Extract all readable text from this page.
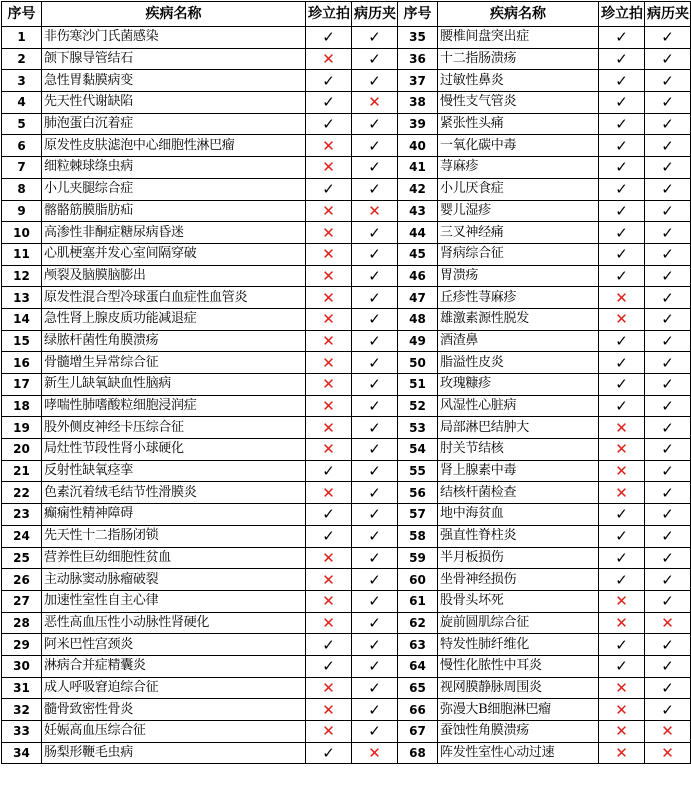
序号	疾病名称	珍立拍	病历夹	序号	疾病名称	珍立拍	病历夹
1	非伤寒沙门氏菌感染	✓	✓	35	腰椎间盘突出症	✓	✓
2	颌下腺导管结石	✕	✓	36	十二指肠溃疡	✓	✓
3	急性胃黏膜病变	✓	✓	37	过敏性鼻炎	✓	✓
4	先天性代谢缺陷	✓	✕	38	慢性支气管炎	✓	✓
5	肺泡蛋白沉着症	✓	✓	39	紧张性头痛	✓	✓
6	原发性皮肤滤泡中心细胞性淋巴瘤	✕	✓	40	一氧化碳中毒	✓	✓
7	细粒棘球绦虫病	✕	✓	41	荨麻疹	✓	✓
8	小儿夹腿综合症	✓	✓	42	小儿厌食症	✓	✓
9	髂骼筋膜脂肪疝	✕	✕	43	婴儿湿疹	✓	✓
10	高渗性非酮症糖尿病昏迷	✕	✓	44	三叉神经痛	✓	✓
11	心肌梗塞并发心室间隔穿破	✕	✓	45	肾病综合征	✓	✓
12	颅裂及脑膜脑膨出	✕	✓	46	胃溃疡	✓	✓
13	原发性混合型冷球蛋白血症性血管炎	✕	✓	47	丘疹性荨麻疹	✕	✓
14	急性肾上腺皮质功能减退症	✕	✓	48	雄激素源性脱发	✕	✓
15	绿脓杆菌性角膜溃疡	✕	✓	49	酒渣鼻	✓	✓
16	骨髓增生异常综合征	✕	✓	50	脂溢性皮炎	✓	✓
17	新生儿缺氧缺血性脑病	✕	✓	51	玫瑰糠疹	✓	✓
18	哮喘性肺嗜酸粒细胞浸润症	✕	✓	52	风湿性心脏病	✓	✓
19	股外侧皮神经卡压综合征	✕	✓	53	局部淋巴结肿大	✕	✓
20	局灶性节段性肾小球硬化	✕	✓	54	肘关节结核	✕	✓
21	反射性缺氧痉挛	✓	✓	55	肾上腺素中毒	✕	✓
22	色素沉着绒毛结节性滑膜炎	✕	✓	56	结核杆菌检查	✕	✓
23	癫痫性精神障碍	✓	✓	57	地中海贫血	✓	✓
24	先天性十二指肠闭锁	✓	✓	58	强直性脊柱炎	✓	✓
25	营养性巨幼细胞性贫血	✕	✓	59	半月板损伤	✓	✓
26	主动脉窦动脉瘤破裂	✕	✓	60	坐骨神经损伤	✓	✓
27	加速性室性自主心律	✕	✓	61	股骨头坏死	✕	✓
28	恶性高血压性小动脉性肾硬化	✕	✓	62	旋前圆肌综合征	✕	✕
29	阿米巴性宫颈炎	✓	✓	63	特发性肺纤维化	✓	✓
30	淋病合并症精囊炎	✓	✓	64	慢性化脓性中耳炎	✓	✓
31	成人呼吸窘迫综合征	✕	✓	65	视网膜静脉周围炎	✕	✓
32	髓骨致密性骨炎	✕	✓	66	弥漫大B细胞淋巴瘤	✕	✓
33	妊娠高血压综合征	✕	✓	67	蚕蚀性角膜溃疡	✕	✕
34	肠梨形鞭毛虫病	✓	✕	68	阵发性室性心动过速	✕	✕
